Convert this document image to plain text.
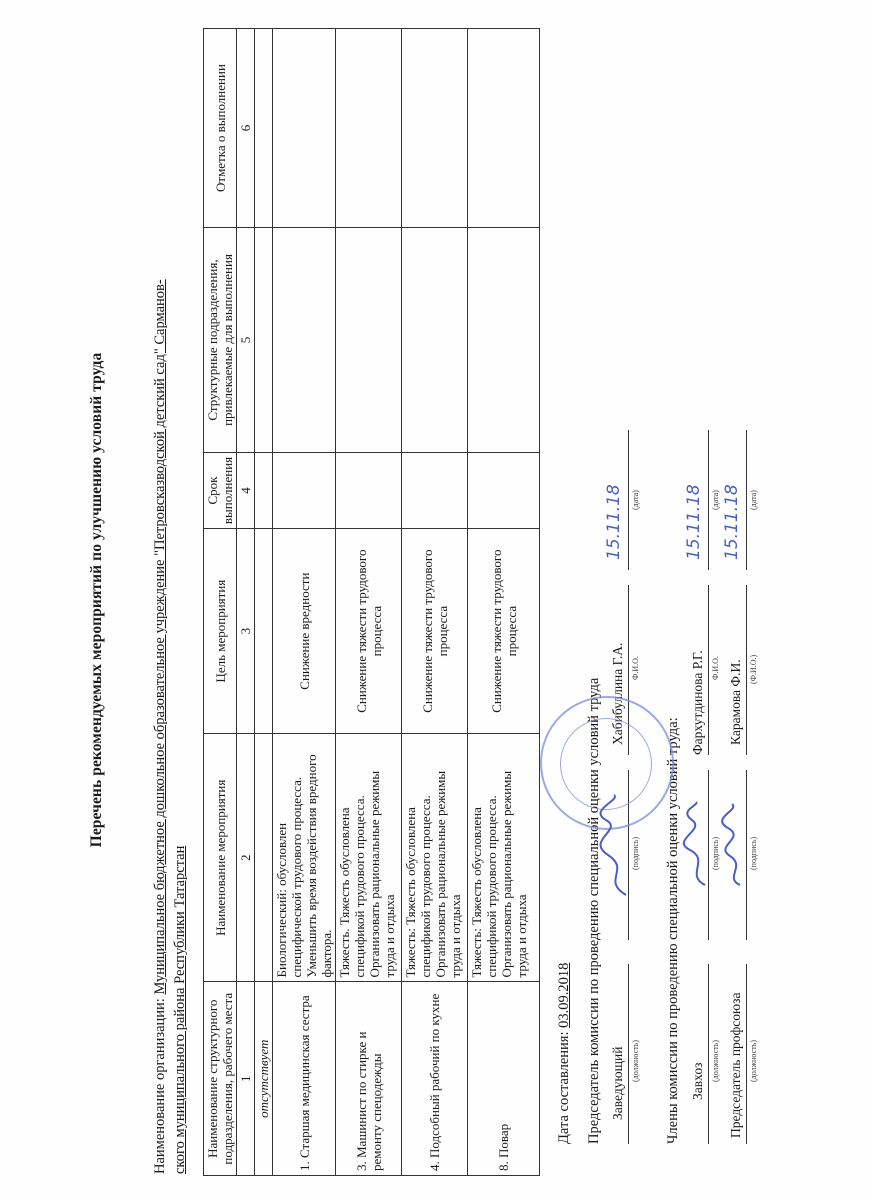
Перечень рекомендуемых мероприятий по улучшению условий труда
Наименование организации: Муниципальное бюджетное дошкольное образовательное учреждение "Петровсказводской детский сад" Сарманов-
ского муниципального района Республики Татарстан Наименование структурного подразделения, рабочего места	Наименование мероприятия	Цель мероприятия	Срок выполнения	Структурные подразделения, привлекаемые для выполнения	Отметка о выполнении
1	2	3	4	5	6
отсутствует					
1. Старшая медицинская сестра	Биологический: обусловлен специфической трудового процесса. Уменьшить время воздействия вредного фактора.	Снижение вредности			
3. Машинист по стирке и ремонту спецодежды	Тяжесть. Тяжесть обусловлена спецификой трудового процесса. Организовать рациональные режимы труда и отдыха	Снижение тяжести трудового процесса			
4. Подсобный рабочий по кухне	Тяжесть: Тяжесть обусловлена спецификой трудового процесса. Организовать рациональные режимы труда и отдыха	Снижение тяжести трудового процесса			
8. Повар	Тяжесть: Тяжесть обусловлена спецификой трудового процесса. Организовать рациональные режимы труда и отдыха	Снижение тяжести трудового процесса			
Дата составления: 03.09.2018 Председатель комиссии по проведению специальной оценки условий труда Заведующий (должность)
(подпись)
Хабибуллина Г.А. Ф.И.О.
15.11.18 (дата)
Члены комиссии по проведению специальной оценки условий труда: Завхоз (должность)
(подпись)
Фархутдинова Р.Г. Ф.И.О.
15.11.18 (дата)
Председатель профсоюза (должность)
(подпись)
Карамова Ф.И. (Ф.И.О.)
15.11.18 (дата)
